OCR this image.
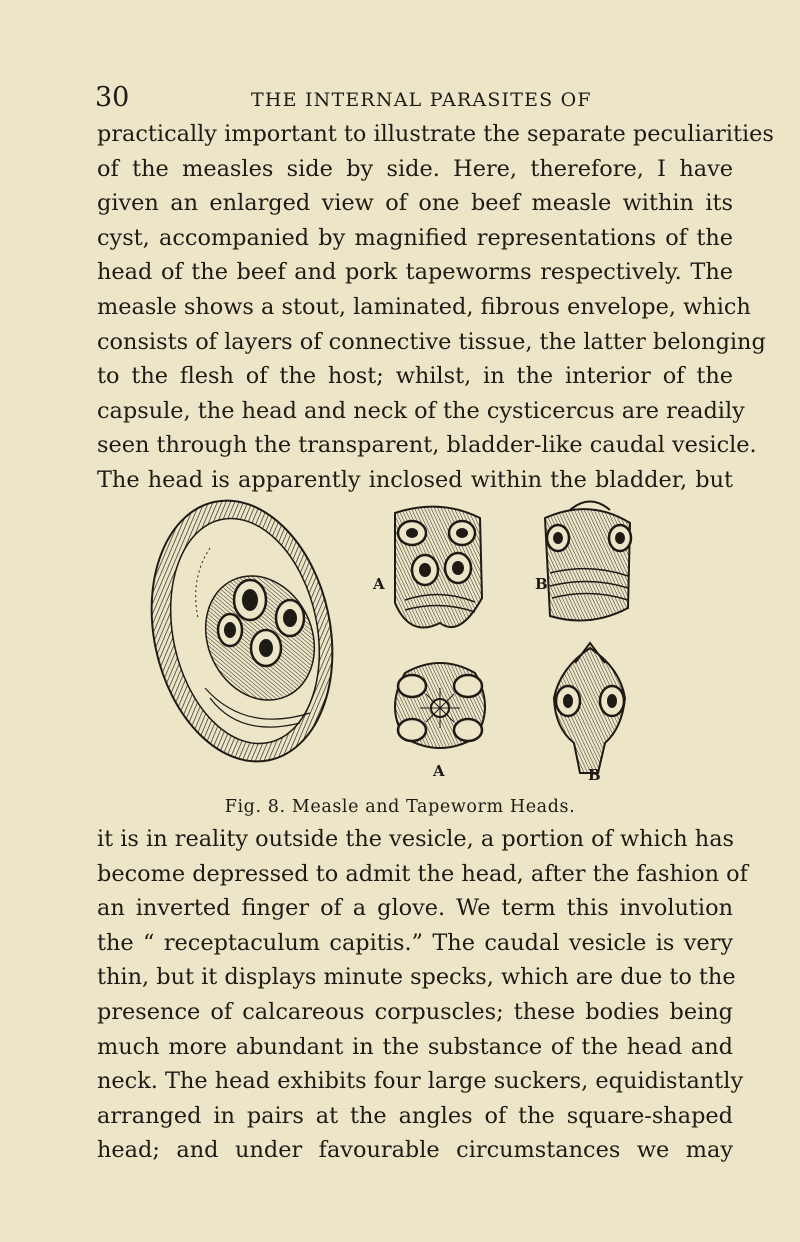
30	THE INTERNAL PARASITES OF
practically important to illustrate the separate peculiarities
of the measles side by side. Here, therefore, I have
given an enlarged view of one beef measle within its
cyst, accompanied by magnified representations of the
head of the beef and pork tapeworms respectively. The
measle shows a stout, laminated, fibrous envelope, which
consists of layers of connective tissue, the latter belonging
to the flesh of the host; whilst, in the interior of the
capsule, the head and neck of the cysticercus are readily
seen through the transparent, bladder-like caudal vesicle.
The head is apparently inclosed within the bladder, but
A	B
A	B
Fig. 8. Measle and Tapeworm Heads.
it is in reality outside the vesicle, a portion of which has
become depressed to admit the head, after the fashion of
an inverted finger of a glove. We term this involution
the “ receptaculum capitis.” The caudal vesicle is very
thin, but it displays minute specks, which are due to the
presence of calcareous corpuscles; these bodies being
much more abundant in the substance of the head and
neck. The head exhibits four large suckers, equidistantly
arranged in pairs at the angles of the square-shaped
head; and under favourable circumstances we may
